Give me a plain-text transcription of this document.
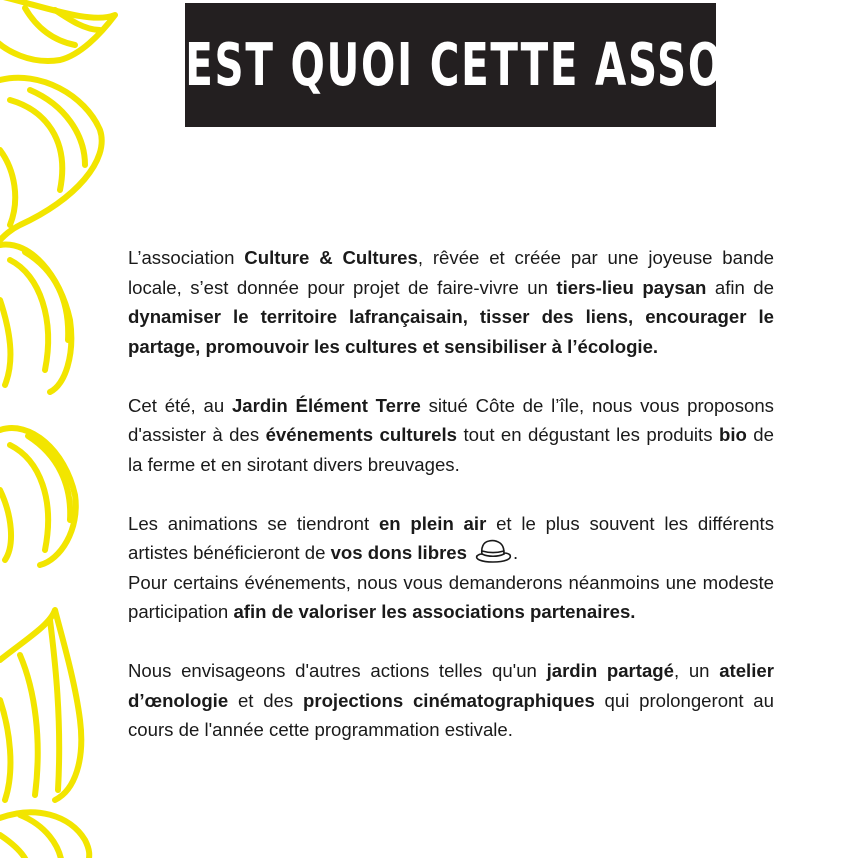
C’EST QUOI CETTE ASSO ?

L’association Culture & Cultures, rêvée et créée par une joyeuse bande locale, s’est donnée pour projet de faire-vivre un tiers-lieu paysan afin de dynamiser le territoire lafrançaisain, tisser des liens, encourager le partage, promouvoir les cultures et sensibiliser à l’écologie.

Cet été, au Jardin Élément Terre situé Côte de l’île, nous vous proposons d'assister à des événements culturels tout en dégustant les produits bio de la ferme et en sirotant divers breuvages.

Les animations se tiendront en plein air et le plus souvent les différents artistes bénéficieront de vos dons libres .
Pour certains événements, nous vous demanderons néanmoins une modeste participation afin de valoriser les associations partenaires.

Nous envisageons d'autres actions telles qu'un jardin partagé, un atelier d’œnologie et des projections cinématographiques qui prolongeront au cours de l'année cette programmation estivale.
